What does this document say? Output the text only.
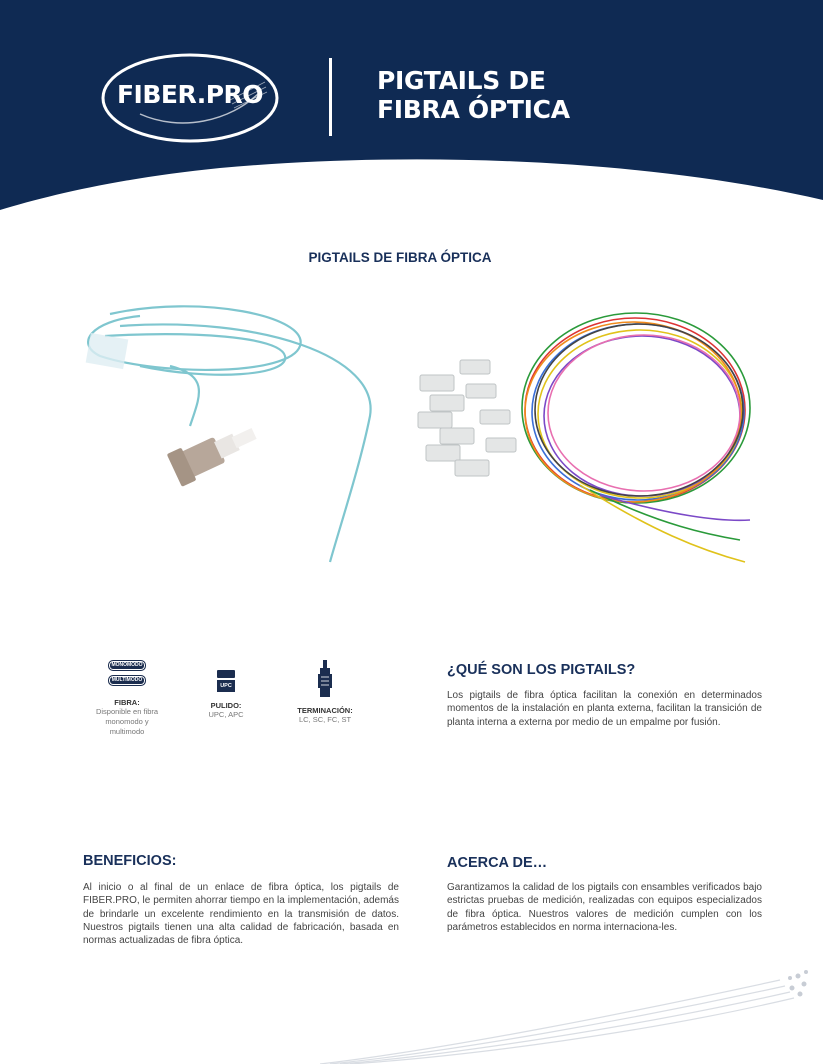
FIBER.PRO	PIGTAILS DE
FIBRA ÓPTICA
PIGTAILS DE FIBRA ÓPTICA
MONOMODO
MULTIMODO
FIBRA:
Disponible en fibra
monomodo y
multimodo
UPC
PULIDO:
UPC, APC	TERMINACIÓN:
LC, SC, FC, ST
¿QUÉ SON LOS PIGTAILS?
Los pigtails de fibra óptica facilitan la conexión en determinados momentos de la instalación en planta externa, facilitan la transición de planta interna a externa por medio de un empalme por fusión.
BENEFICIOS:
Al inicio o al final de un enlace de fibra óptica, los pigtails de FIBER.PRO, le permiten ahorrar tiempo en la implementación, además de brindarle un excelente rendimiento en la transmisión de datos. Nuestros pigtails tienen una alta calidad de fabricación, basada en normas actualizadas de fibra óptica.
ACERCA DE…
Garantizamos la calidad de los pigtails con ensambles verificados bajo estrictas pruebas de medición, realizadas con equipos especializados de fibra óptica. Nuestros valores de medición cumplen con los parámetros establecidos en norma internaciona-les.
